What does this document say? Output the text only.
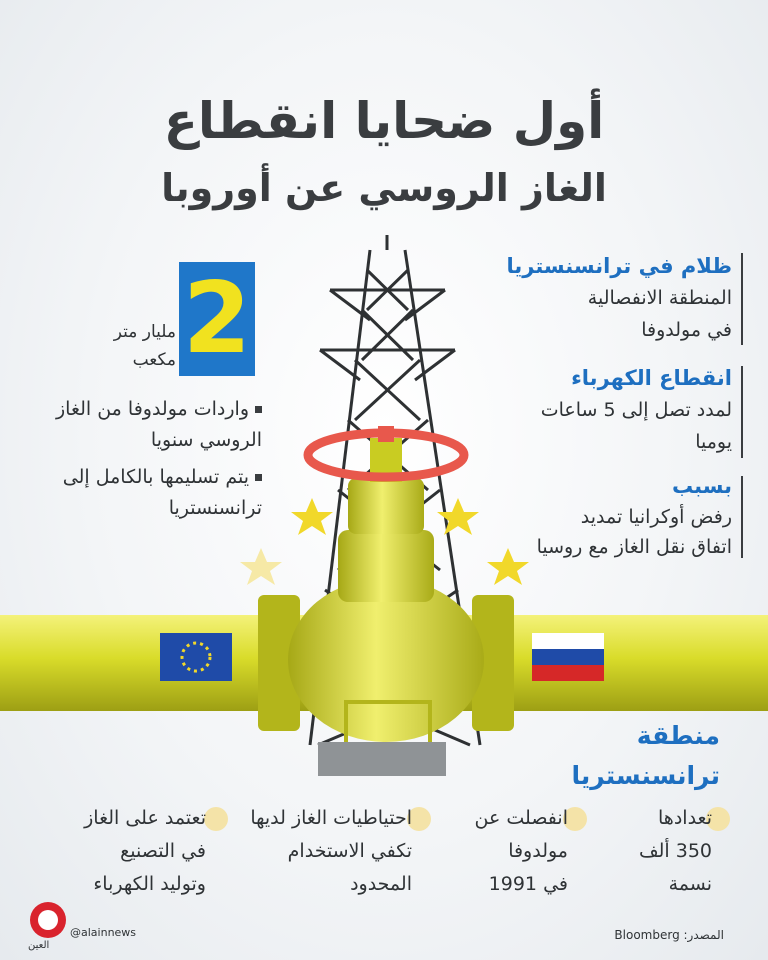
أول ضحايا انقطاع
الغاز الروسي عن أوروبا
2
مليار متر
مكعب
واردات مولدوفا من الغاز
الروسي سنويا
يتم تسليمها بالكامل إلى
ترانسنستريا
ظلام في ترانسنستريا
المنطقة الانفصالية
في مولدوفا
انقطاع الكهرباء
لمدد تصل إلى 5 ساعات
يوميا
بسبب
رفض أوكرانيا تمديد
اتفاق نقل الغاز مع روسيا
منطقة
ترانسنستريا
تعدادها
350 ألف
نسمة
انفصلت عن
مولدوفا
في 1991
احتياطيات الغاز لديها
تكفي الاستخدام
المحدود
تعتمد على الغاز
في التصنيع
وتوليد الكهرباء
العين
@alainnews	المصدر: Bloomberg
